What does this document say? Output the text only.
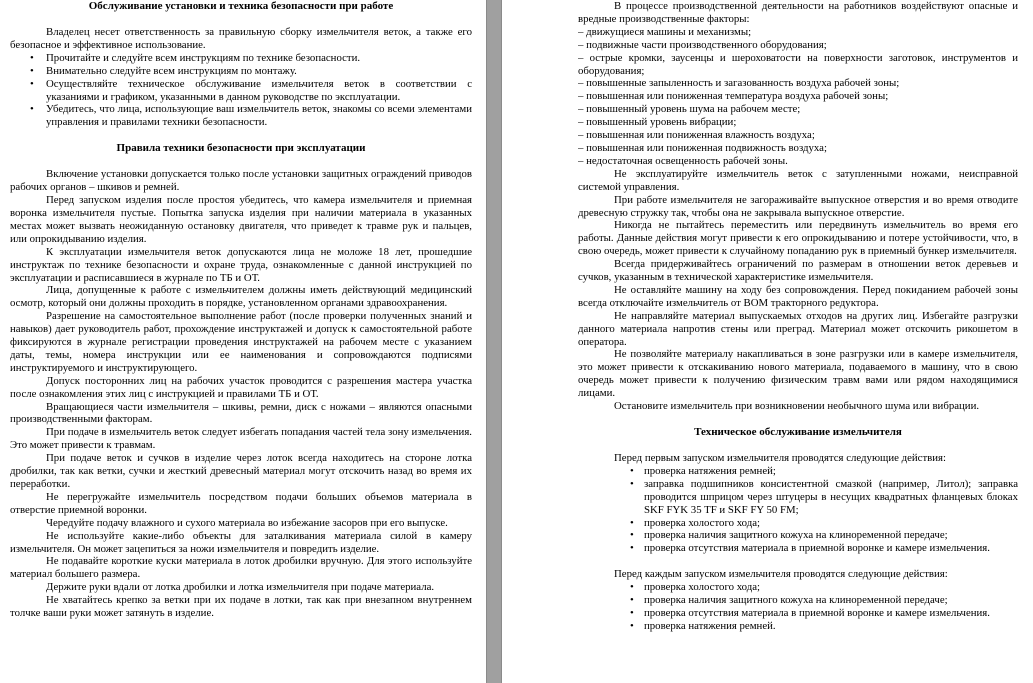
Обслуживание установки и техника безопасности при работе

Владелец несет ответственность за правильную сборку измельчителя веток, а также его безопасное и эффективное использование.

• Прочитайте и следуйте всем инструкциям по технике безопасности.
• Внимательно следуйте всем инструкциям по монтажу.
• Осуществляйте техническое обслуживание измельчителя веток в соответствии с указаниями и графиком, указанными в данном руководстве по эксплуатации.
• Убедитесь, что лица, использующие ваш измельчитель веток, знакомы со всеми элементами управления и правилами техники безопасности.
Правила техники безопасности при эксплуатации

Включение установки допускается только после установки защитных ограждений приводов рабочих органов – шкивов и ремней.

Перед запуском изделия после простоя убедитесь, что камера измельчителя и приемная воронка измельчителя пустые. Попытка запуска изделия при наличии материала в указанных местах может вызвать неожиданную остановку двигателя, что приведет к травме рук и пальцев, или опрокидыванию изделия.

К эксплуатации измельчителя веток допускаются лица не моложе 18 лет, прошедшие инструктаж по технике безопасности и охране труда, ознакомленные с данной инструкцией по эксплуатации и расписавшиеся в журнале по ТБ и ОТ.

Лица, допущенные к работе с измельчителем должны иметь действующий медицинский осмотр, который они должны проходить в порядке, установленном органами здравоохранения.

Разрешение на самостоятельное выполнение работ (после проверки полученных знаний и навыков) дает руководитель работ, прохождение инструктажей и допуск к самостоятельной работе фиксируются в журнале регистрации проведения инструктажей на рабочем месте с указанием даты, темы, номера инструкции или ее наименования и сопровождаются подписями инструктируемого и инструктирующего.

Допуск посторонних лиц на рабочих участок проводится с разрешения мастера участка после ознакомления этих лиц с инструкцией и правилами ТБ и ОТ.

Вращающиеся части измельчителя – шкивы, ремни, диск с ножами – являются опасными производственными факторам.

При подаче в измельчитель веток следует избегать попадания частей тела зону измельчения. Это может привести к травмам.

При подаче веток и сучков в изделие через лоток всегда находитесь на стороне лотка дробилки, так как ветки, сучки и жесткий древесный материал могут отскочить назад во время их переработки.

Не перегружайте измельчитель посредством подачи больших объемов материала в отверстие приемной воронки.

Чередуйте подачу влажного и сухого материала во избежание засоров при его выпуске.

Не используйте какие-либо объекты для заталкивания материала силой в камеру измельчителя. Он может зацепиться за ножи измельчителя и повредить изделие.

Не подавайте короткие куски материала в лоток дробилки вручную. Для этого используйте материал большего размера.

Держите руки вдали от лотка дробилки и лотка измельчителя при подаче материала.

Не хватайтесь крепко за ветки при их подаче в лотки, так как при внезапном внутреннем толчке ваши руки может затянуть в изделие.

В процессе производственной деятельности на работников воздействуют опасные и вредные производственные факторы:

– движущиеся машины и механизмы;
– подвижные части производственного оборудования;
– острые кромки, заусенцы и шероховатости на поверхности заготовок, инструментов и оборудования;
– повышенные запыленность и загазованность воздуха рабочей зоны;
– повышенная или пониженная температура воздуха рабочей зоны;
– повышенный уровень шума на рабочем месте;
– повышенный уровень вибрации;
– повышенная или пониженная влажность воздуха;
– повышенная или пониженная подвижность воздуха;
– недостаточная освещенность рабочей зоны.

Не эксплуатируйте измельчитель веток с затупленными ножами, неисправной системой управления.

При работе измельчителя не загораживайте выпускное отверстия и во время отводите древесную стружку так, чтобы она не закрывала выпускное отверстие.

Никогда не пытайтесь переместить или передвинуть измельчитель во время его работы. Данные действия могут привести к его опрокидыванию и потере устойчивости, что, в свою очередь, может привести к случайному попаданию рук в приемный бункер измельчителя.

Всегда придерживайтесь ограничений по размерам в отношении веток деревьев и сучков, указанным в технической характеристике измельчителя.

Не оставляйте машину на ходу без сопровождения. Перед покиданием рабочей зоны всегда отключайте измельчитель от ВОМ тракторного редуктора.

Не направляйте материал выпускаемых отходов на других лиц. Избегайте разгрузки данного материала напротив стены или преград. Материал может отскочить рикошетом в оператора.

Не позволяйте материалу накапливаться в зоне разгрузки или в камере измельчителя, это может привести к отскакиванию нового материала, подаваемого в машину, что в свою очередь может привести к получению физическим травм вами или рядом находящимися лицами.

Остановите измельчитель при возникновении необычного шума или вибрации.

Техническое обслуживание измельчителя

Перед первым запуском измельчителя проводятся следующие действия:

• проверка натяжения ремней;
• заправка подшипников консистентной смазкой (например, Литол); заправка проводится шприцом через штуцеры в несущих квадратных фланцевых блоках SKF FYK 35 TF и SKF FY 50 FM;
• проверка холостого хода;
• проверка наличия защитного кожуха на клиноременной передаче;
• проверка отсутствия материала в приемной воронке и камере измельчения.

Перед каждым запуском измельчителя проводятся следующие действия:

• проверка холостого хода;
• проверка наличия защитного кожуха на клиноременной передаче;
• проверка отсутствия материала в приемной воронке и камере измельчения.
• проверка натяжения ремней.
